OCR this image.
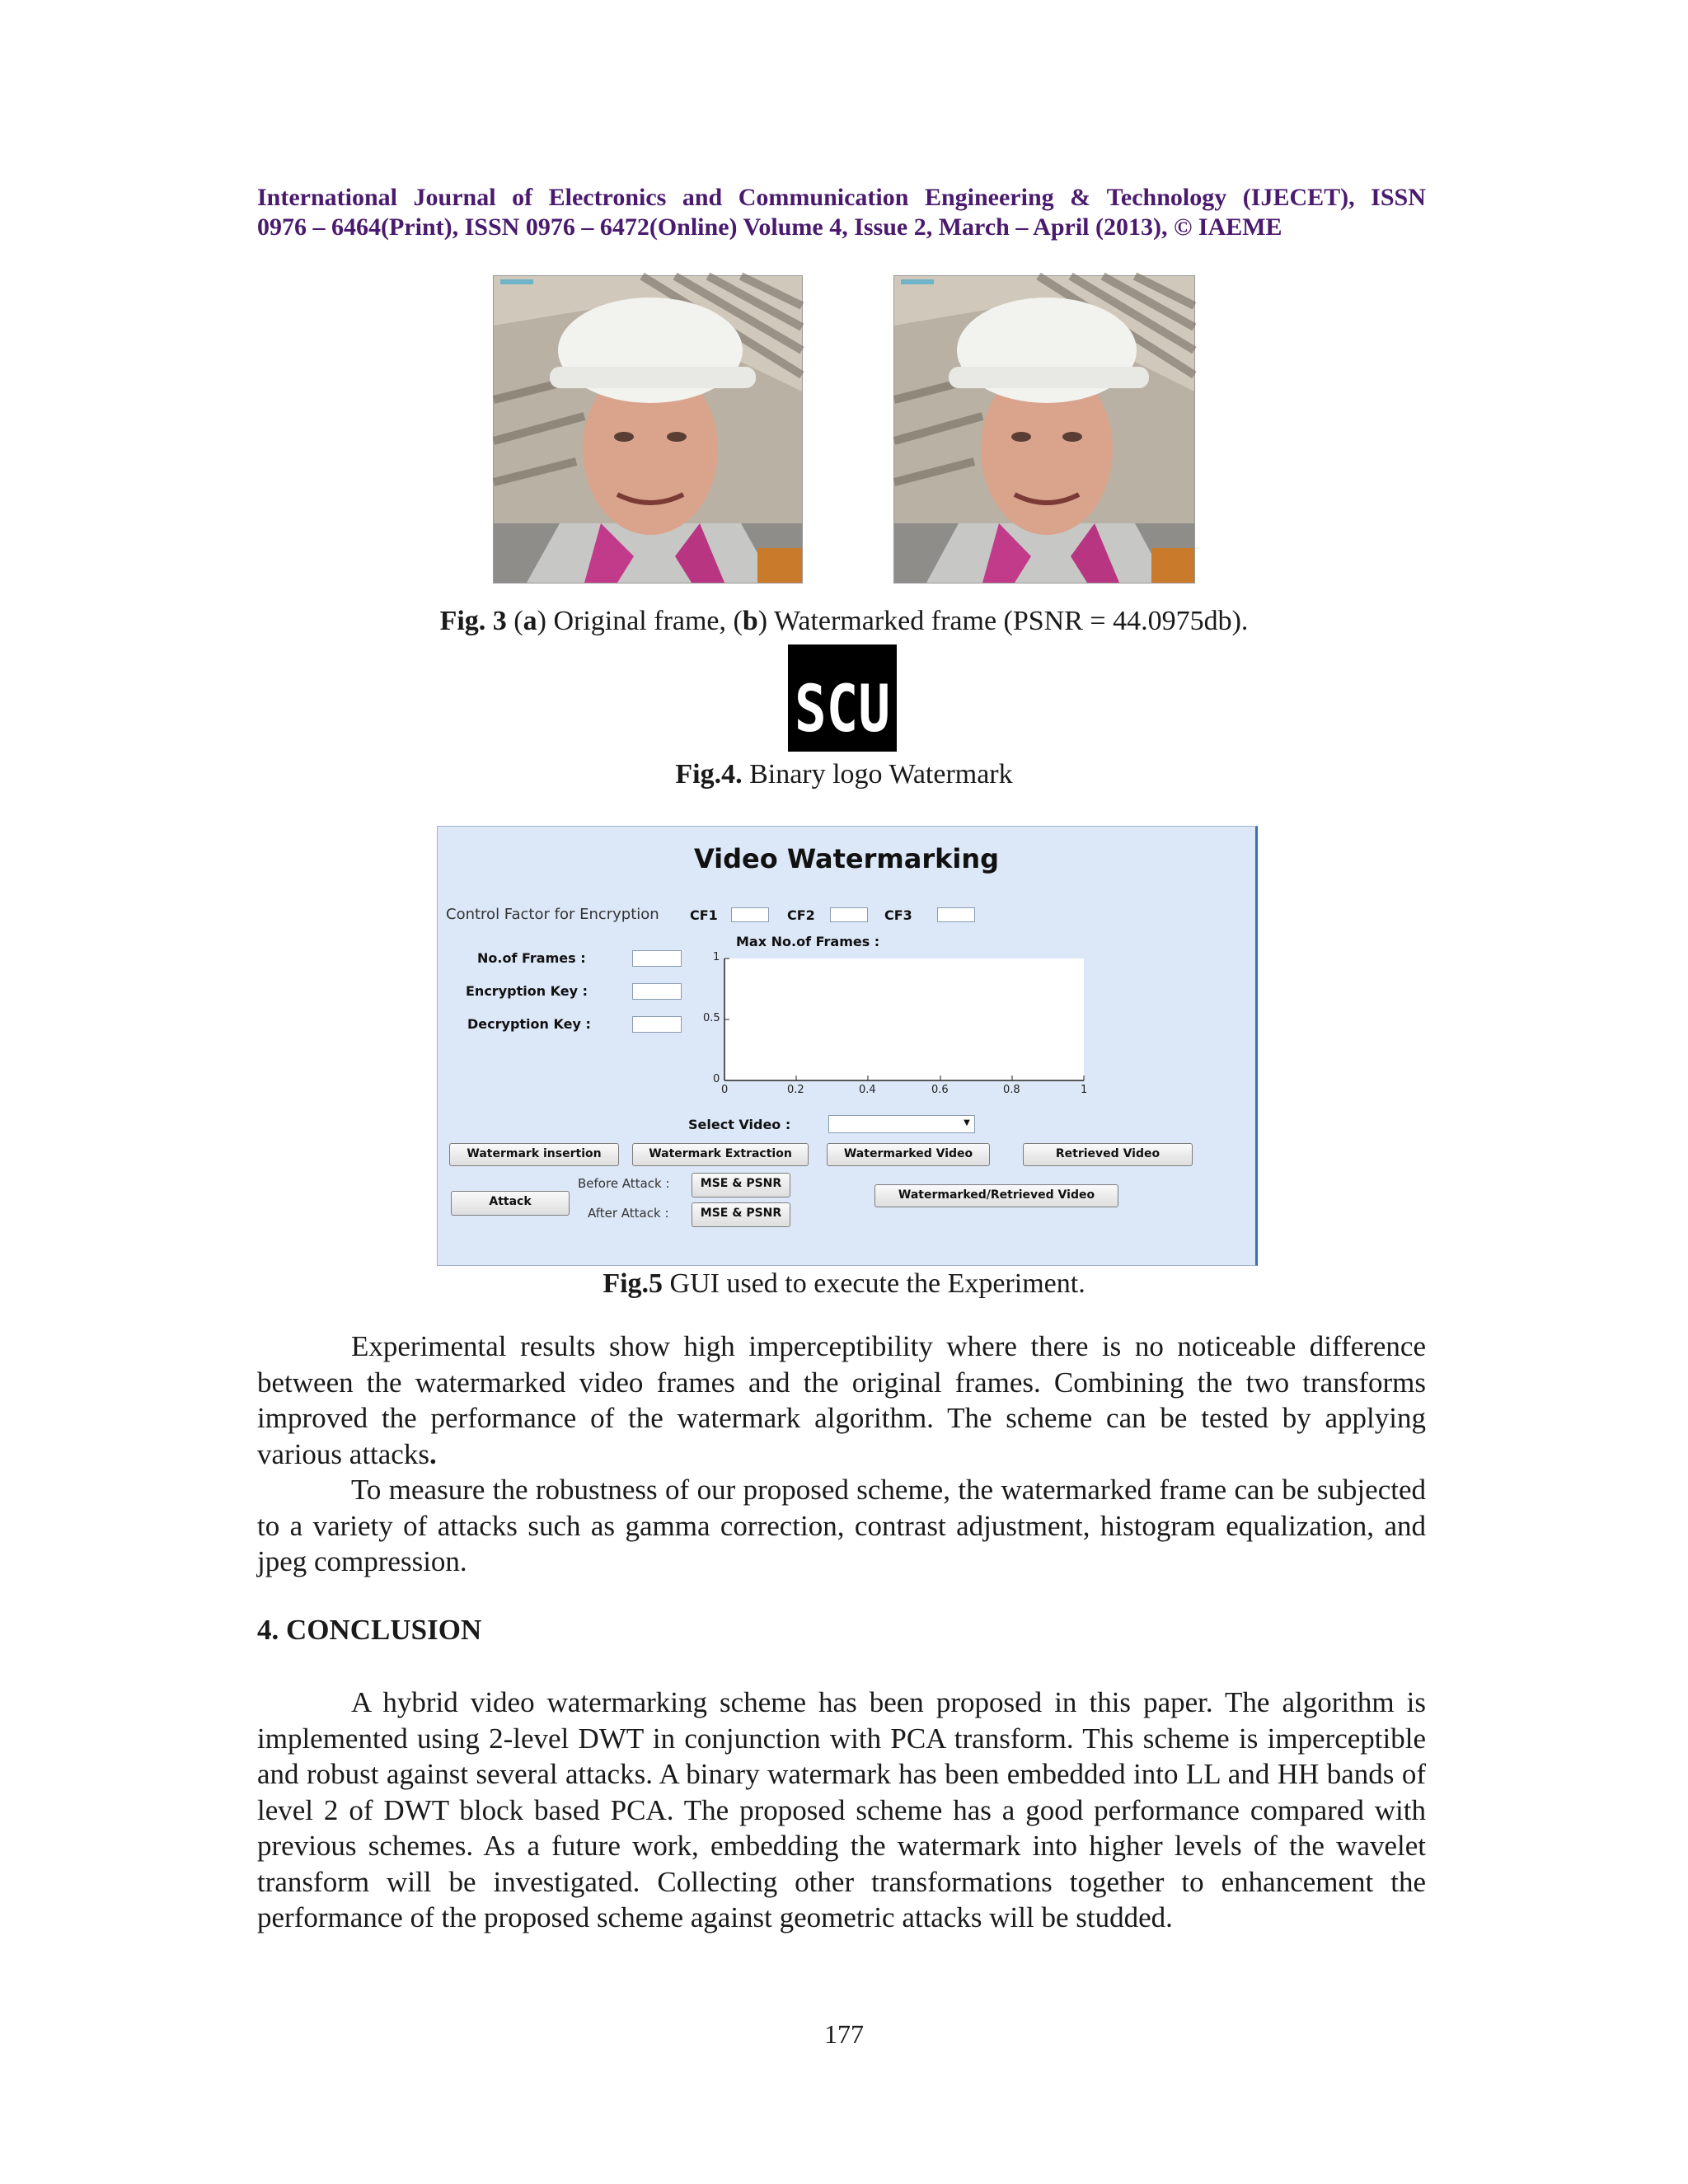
International Journal of Electronics and Communication Engineering & Technology (IJECET), ISSN
0976 – 6464(Print), ISSN 0976 – 6472(Online) Volume 4, Issue 2, March – April (2013), © IAEME
Fig. 3 (a) Original frame, (b) Watermarked frame (PSNR = 44.0975db).
SCU
Fig.4. Binary logo Watermark
Video Watermarking
Control Factor for Encryption CF1	CF2	CF3
Max No.of Frames :
No.of Frames :
Encryption Key :
Decryption Key :
1
0.5
0
0	0.2	0.4	0.6	0.8	1
Select Video :	▼
Watermark insertion	Watermark Extraction	Watermarked Video	Retrieved Video
Before Attack :	MSE & PSNR
Attack	Watermarked/Retrieved Video
After Attack :	MSE & PSNR
Fig.5 GUI used to execute the Experiment.

Experimental results show high imperceptibility where there is no noticeable difference between the watermarked video frames and the original frames. Combining the two transforms improved the performance of the watermark algorithm. The scheme can be tested by applying various attacks.

To measure the robustness of our proposed scheme, the watermarked frame can be subjected to a variety of attacks such as gamma correction, contrast adjustment, histogram equalization, and jpeg compression.

4. CONCLUSION

A hybrid video watermarking scheme has been proposed in this paper. The algorithm is implemented using 2-level DWT in conjunction with PCA transform. This scheme is imperceptible and robust against several attacks. A binary watermark has been embedded into LL and HH bands of level 2 of DWT block based PCA. The proposed scheme has a good performance compared with previous schemes. As a future work, embedding the watermark into higher levels of the wavelet transform will be investigated. Collecting other transformations together to enhancement the performance of the proposed scheme against geometric attacks will be studded.

177
